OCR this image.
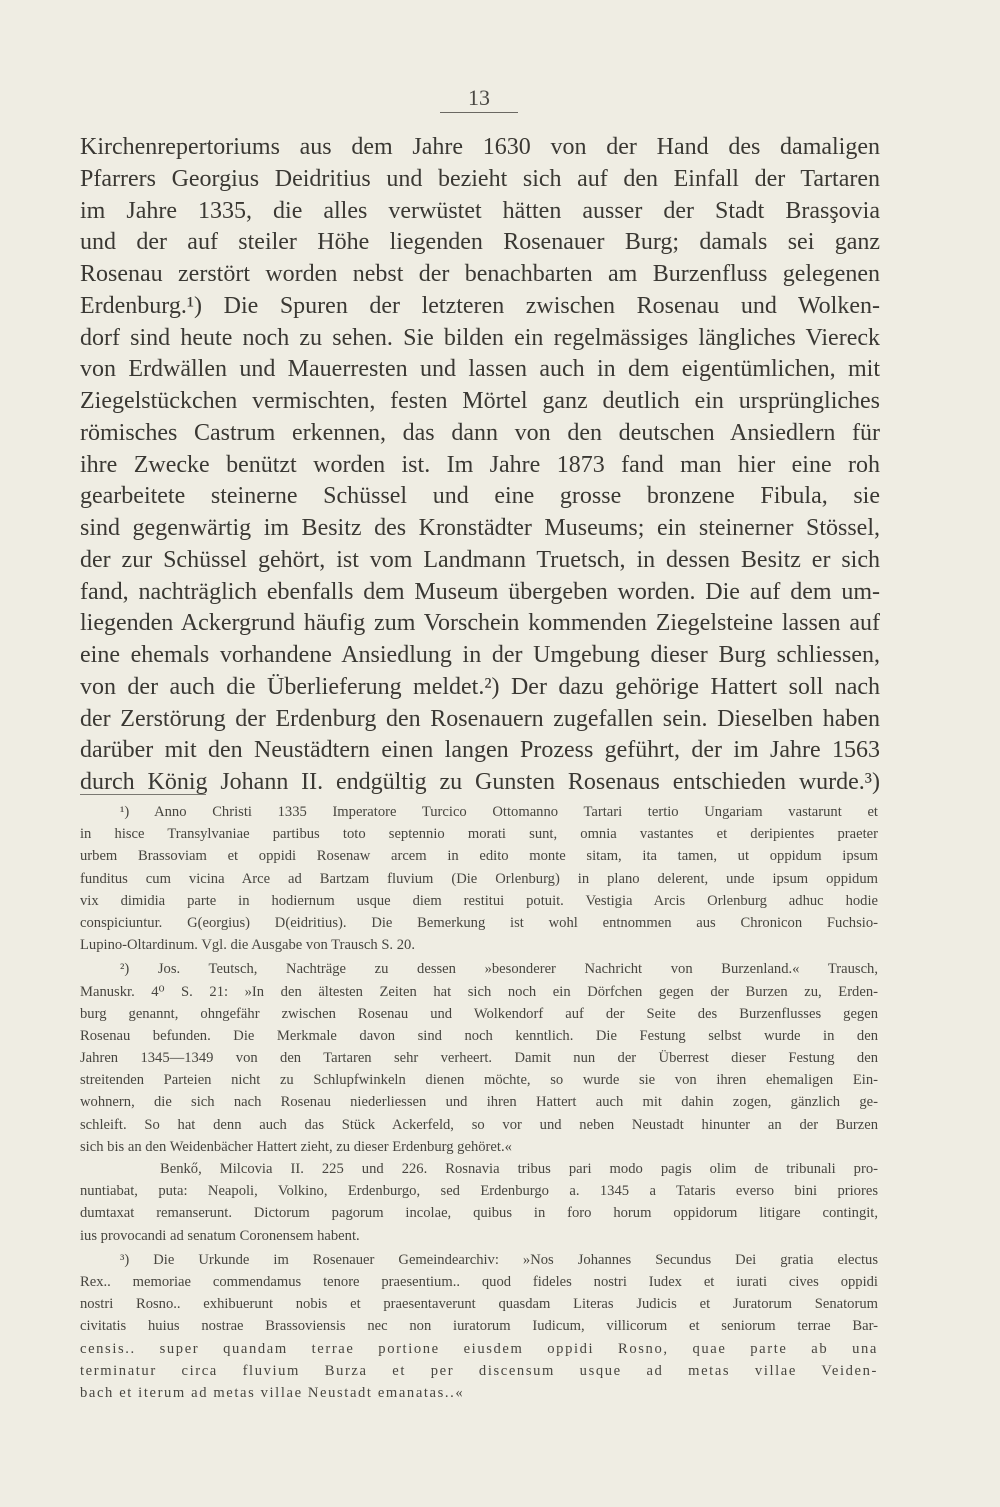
13
Kirchenrepertoriums aus dem Jahre 1630 von der Hand des damaligen
Pfarrers Georgius Deidritius und bezieht sich auf den Einfall der Tartaren
im Jahre 1335, die alles verwüstet hätten ausser der Stadt Brasşovia
und der auf steiler Höhe liegenden Rosenauer Burg; damals sei ganz
Rosenau zerstört worden nebst der benachbarten am Burzenfluss gelegenen
Erdenburg.¹) Die Spuren der letzteren zwischen Rosenau und Wolken-
dorf sind heute noch zu sehen. Sie bilden ein regelmässiges längliches Viereck
von Erdwällen und Mauerresten und lassen auch in dem eigentümlichen, mit
Ziegelstückchen vermischten, festen Mörtel ganz deutlich ein ursprüngliches
römisches Castrum erkennen, das dann von den deutschen Ansiedlern für
ihre Zwecke benützt worden ist. Im Jahre 1873 fand man hier eine roh
gearbeitete steinerne Schüssel und eine grosse bronzene Fibula, sie
sind gegenwärtig im Besitz des Kronstädter Museums; ein steinerner Stössel,
der zur Schüssel gehört, ist vom Landmann Truetsch, in dessen Besitz er sich
fand, nachträglich ebenfalls dem Museum übergeben worden. Die auf dem um-
liegenden Ackergrund häufig zum Vorschein kommenden Ziegelsteine lassen auf
eine ehemals vorhandene Ansiedlung in der Umgebung dieser Burg schliessen,
von der auch die Überlieferung meldet.²) Der dazu gehörige Hattert soll nach
der Zerstörung der Erdenburg den Rosenauern zugefallen sein. Dieselben haben
darüber mit den Neustädtern einen langen Prozess geführt, der im Jahre 1563
durch König Johann II. endgültig zu Gunsten Rosenaus entschieden wurde.³)
¹) Anno Christi 1335 Imperatore Turcico Ottomanno Tartari tertio Ungariam vastarunt et
in hisce Transylvaniae partibus toto septennio morati sunt, omnia vastantes et deripientes praeter
urbem Brassoviam et oppidi Rosenaw arcem in edito monte sitam, ita tamen, ut oppidum ipsum
funditus cum vicina Arce ad Bartzam fluvium (Die Orlenburg) in plano delerent, unde ipsum oppidum
vix dimidia parte in hodiernum usque diem restitui potuit. Vestigia Arcis Orlenburg adhuc hodie
conspiciuntur. G(eorgius) D(eidritius). Die Bemerkung ist wohl entnommen aus Chronicon Fuchsio-
Lupino-Oltardinum. Vgl. die Ausgabe von Trausch S. 20.
²) Jos. Teutsch, Nachträge zu dessen »besonderer Nachricht von Burzenland.« Trausch,
Manuskr. 4⁰ S. 21: »In den ältesten Zeiten hat sich noch ein Dörfchen gegen der Burzen zu, Erden-
burg genannt, ohngefähr zwischen Rosenau und Wolkendorf auf der Seite des Burzenflusses gegen
Rosenau befunden. Die Merkmale davon sind noch kenntlich. Die Festung selbst wurde in den
Jahren 1345—1349 von den Tartaren sehr verheert. Damit nun der Überrest dieser Festung den
streitenden Parteien nicht zu Schlupfwinkeln dienen möchte, so wurde sie von ihren ehemaligen Ein-
wohnern, die sich nach Rosenau niederliessen und ihren Hattert auch mit dahin zogen, gänzlich ge-
schleift. So hat denn auch das Stück Ackerfeld, so vor und neben Neustadt hinunter an der Burzen
sich bis an den Weidenbächer Hattert zieht, zu dieser Erdenburg gehöret.«
Benkő, Milcovia II. 225 und 226. Rosnavia tribus pari modo pagis olim de tribunali pro-
nuntiabat, puta: Neapoli, Volkino, Erdenburgo, sed Erdenburgo a. 1345 a Tataris everso bini priores
dumtaxat remanserunt. Dictorum pagorum incolae, quibus in foro horum oppidorum litigare contingit,
ius provocandi ad senatum Coronensem habent.
³) Die Urkunde im Rosenauer Gemeindearchiv: »Nos Johannes Secundus Dei gratia electus
Rex.. memoriae commendamus tenore praesentium.. quod fideles nostri Iudex et iurati cives oppidi
nostri Rosno.. exhibuerunt nobis et praesentaverunt quasdam Literas Judicis et Juratorum Senatorum
civitatis huius nostrae Brassoviensis nec non iuratorum Iudicum, villicorum et seniorum terrae Bar-
censis.. super quandam terrae portione eiusdem oppidi Rosno, quae parte ab una
terminatur circa fluvium Burza et per discensum usque ad metas villae Veiden-
bach et iterum ad metas villae Neustadt emanatas..«
